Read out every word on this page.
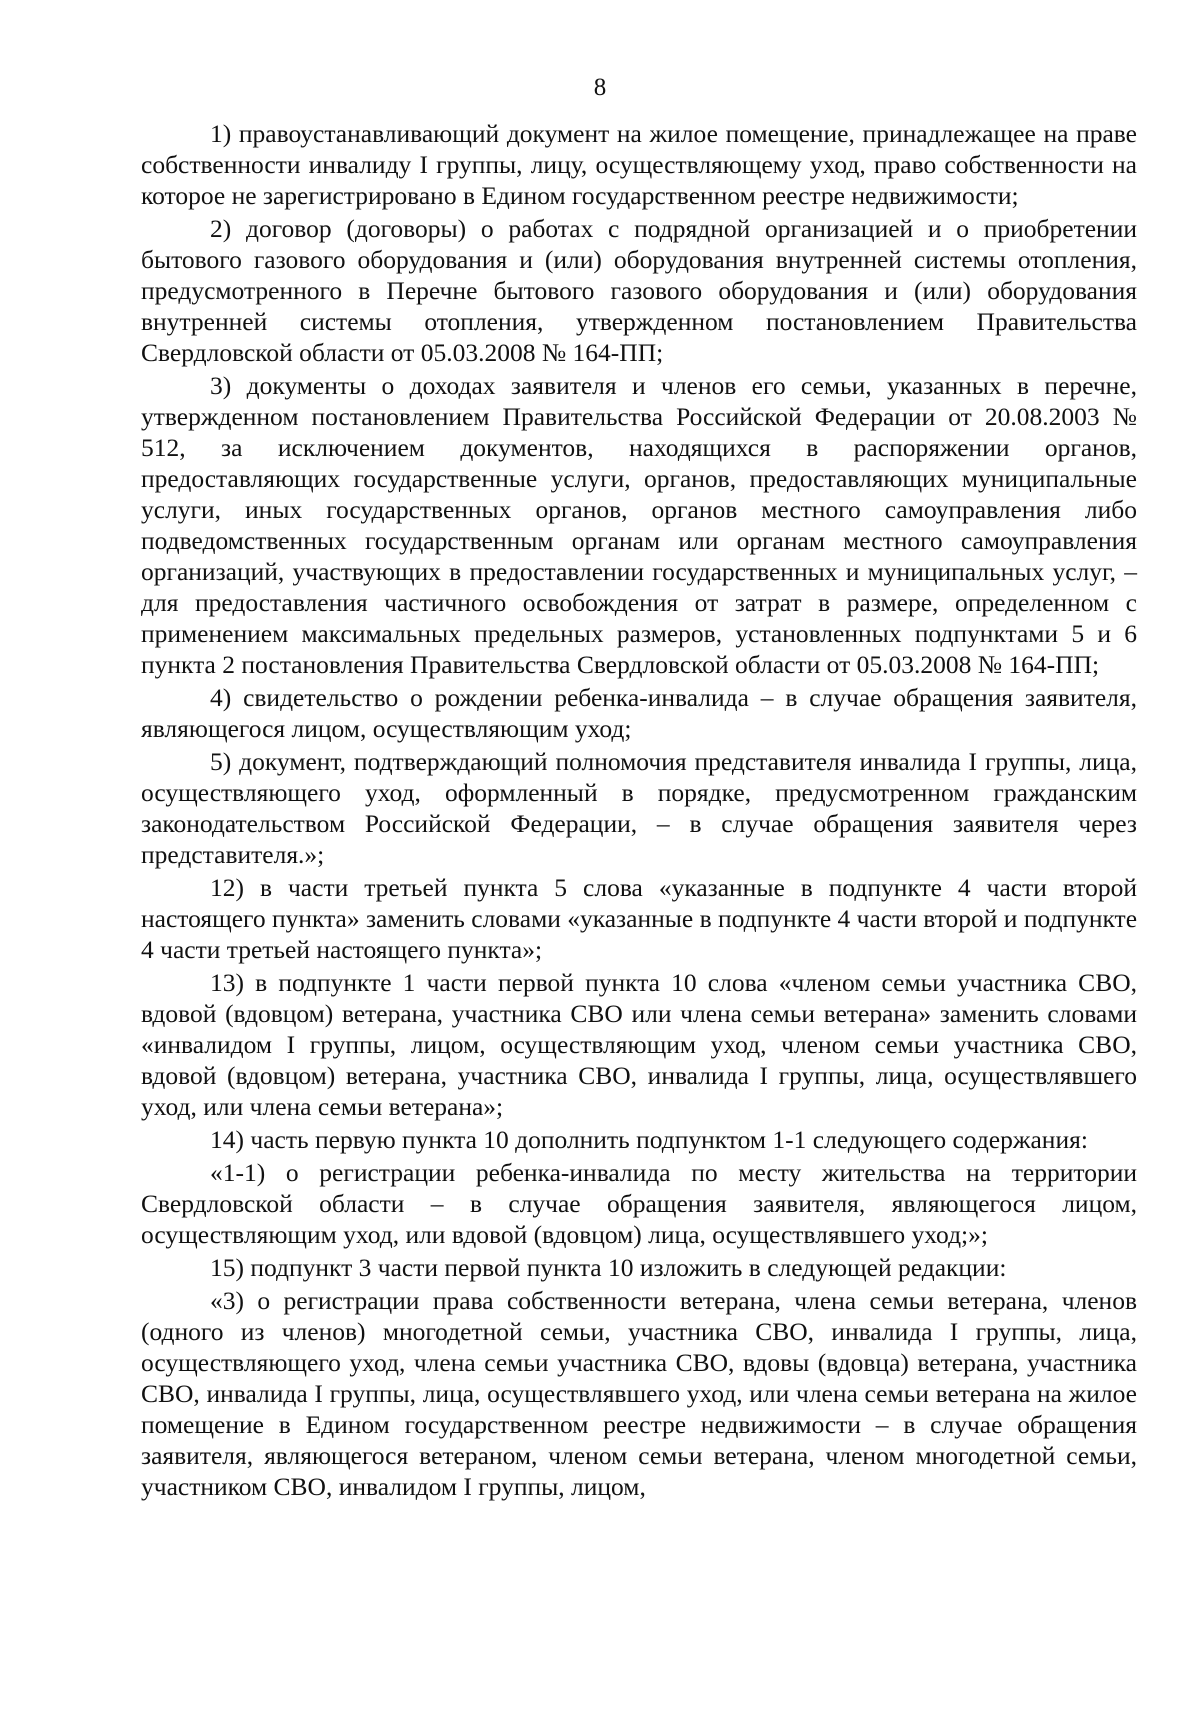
8

1) правоустанавливающий документ на жилое помещение, принадлежащее на праве собственности инвалиду I группы, лицу, осуществляющему уход, право собственности на которое не зарегистрировано в Едином государственном реестре недвижимости;

2) договор (договоры) о работах с подрядной организацией и о приобретении бытового газового оборудования и (или) оборудования внутренней системы отопления, предусмотренного в Перечне бытового газового оборудования и (или) оборудования внутренней системы отопления, утвержденном постановлением Правительства Свердловской области от 05.03.2008 № 164-ПП;

3) документы о доходах заявителя и членов его семьи, указанных в перечне, утвержденном постановлением Правительства Российской Федерации от 20.08.2003 № 512, за исключением документов, находящихся в распоряжении органов, предоставляющих государственные услуги, органов, предоставляющих муниципальные услуги, иных государственных органов, органов местного самоуправления либо подведомственных государственным органам или органам местного самоуправления организаций, участвующих в предоставлении государственных и муниципальных услуг, – для предоставления частичного освобождения от затрат в размере, определенном с применением максимальных предельных размеров, установленных подпунктами 5 и 6 пункта 2 постановления Правительства Свердловской области от 05.03.2008 № 164-ПП;

4) свидетельство о рождении ребенка-инвалида – в случае обращения заявителя, являющегося лицом, осуществляющим уход;

5) документ, подтверждающий полномочия представителя инвалида I группы, лица, осуществляющего уход, оформленный в порядке, предусмотренном гражданским законодательством Российской Федерации, – в случае обращения заявителя через представителя.»;

12) в части третьей пункта 5 слова «указанные в подпункте 4 части второй настоящего пункта» заменить словами «указанные в подпункте 4 части второй и подпункте 4 части третьей настоящего пункта»;

13) в подпункте 1 части первой пункта 10 слова «членом семьи участника СВО, вдовой (вдовцом) ветерана, участника СВО или члена семьи ветерана» заменить словами «инвалидом I группы, лицом, осуществляющим уход, членом семьи участника СВО, вдовой (вдовцом) ветерана, участника СВО, инвалида I группы, лица, осуществлявшего уход, или члена семьи ветерана»;

14) часть первую пункта 10 дополнить подпунктом 1-1 следующего содержания:

«1-1) о регистрации ребенка-инвалида по месту жительства на территории Свердловской области – в случае обращения заявителя, являющегося лицом, осуществляющим уход, или вдовой (вдовцом) лица, осуществлявшего уход;»;

15) подпункт 3 части первой пункта 10 изложить в следующей редакции:

«3) о регистрации права собственности ветерана, члена семьи ветерана, членов (одного из членов) многодетной семьи, участника СВО, инвалида I группы, лица, осуществляющего уход, члена семьи участника СВО, вдовы (вдовца) ветерана, участника СВО, инвалида I группы, лица, осуществлявшего уход, или члена семьи ветерана на жилое помещение в Едином государственном реестре недвижимости – в случае обращения заявителя, являющегося ветераном, членом семьи ветерана, членом многодетной семьи, участником СВО, инвалидом I группы, лицом,
